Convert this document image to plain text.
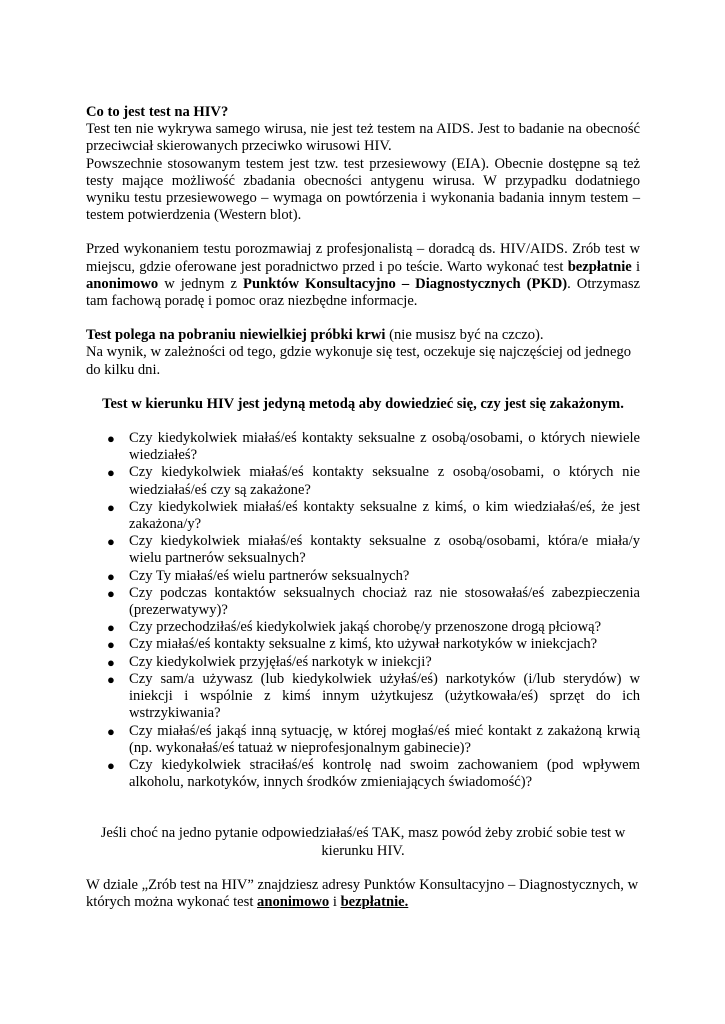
Co to jest test na HIV?

Test ten nie wykrywa samego wirusa, nie jest też testem na AIDS. Jest to badanie na obecność przeciwciał skierowanych przeciwko wirusowi HIV.

Powszechnie stosowanym testem jest tzw. test przesiewowy (EIA). Obecnie dostępne są też testy mające możliwość zbadania obecności antygenu wirusa. W przypadku dodatniego wyniku testu przesiewowego – wymaga on powtórzenia i wykonania badania innym testem – testem potwierdzenia (Western blot).

Przed wykonaniem testu porozmawiaj z profesjonalistą – doradcą ds. HIV/AIDS. Zrób test w miejscu, gdzie oferowane jest poradnictwo przed i po teście. Warto wykonać test bezpłatnie i anonimowo w jednym z Punktów Konsultacyjno – Diagnostycznych (PKD). Otrzymasz tam fachową poradę i pomoc oraz niezbędne informacje.

Test polega na pobraniu niewielkiej próbki krwi (nie musisz być na czczo).

Na wynik, w zależności od tego, gdzie wykonuje się test, oczekuje się najczęściej od jednego do kilku dni.

Test w kierunku HIV jest jedyną metodą aby dowiedzieć się, czy jest się zakażonym.

● Czy kiedykolwiek miałaś/eś kontakty seksualne z osobą/osobami, o których niewiele wiedziałeś?
● Czy kiedykolwiek miałaś/eś kontakty seksualne z osobą/osobami, o których nie wiedziałaś/eś czy są zakażone?
● Czy kiedykolwiek miałaś/eś kontakty seksualne z kimś, o kim wiedziałaś/eś, że jest zakażona/y?
● Czy kiedykolwiek miałaś/eś kontakty seksualne z osobą/osobami, która/e miała/y wielu partnerów seksualnych?
● Czy Ty miałaś/eś wielu partnerów seksualnych?
● Czy podczas kontaktów seksualnych chociaż raz nie stosowałaś/eś zabezpieczenia (prezerwatywy)?
● Czy przechodziłaś/eś kiedykolwiek jakąś chorobę/y przenoszone drogą płciową?
● Czy miałaś/eś kontakty seksualne z kimś, kto używał narkotyków w iniekcjach?
● Czy kiedykolwiek przyjęłaś/eś narkotyk w iniekcji?
● Czy sam/a używasz (lub kiedykolwiek użyłaś/eś) narkotyków (i/lub sterydów) w iniekcji i wspólnie z kimś innym użytkujesz (użytkowała/eś) sprzęt do ich wstrzykiwania?
● Czy miałaś/eś jakąś inną sytuację, w której mogłaś/eś mieć kontakt z zakażoną krwią (np. wykonałaś/eś tatuaż w nieprofesjonalnym gabinecie)?
● Czy kiedykolwiek straciłaś/eś kontrolę nad swoim zachowaniem (pod wpływem alkoholu, narkotyków, innych środków zmieniających świadomość)?

Jeśli choć na jedno pytanie odpowiedziałaś/eś TAK, masz powód żeby zrobić sobie test w kierunku HIV.

W dziale „Zrób test na HIV” znajdziesz adresy Punktów Konsultacyjno – Diagnostycznych, w których można wykonać test anonimowo i bezpłatnie.
